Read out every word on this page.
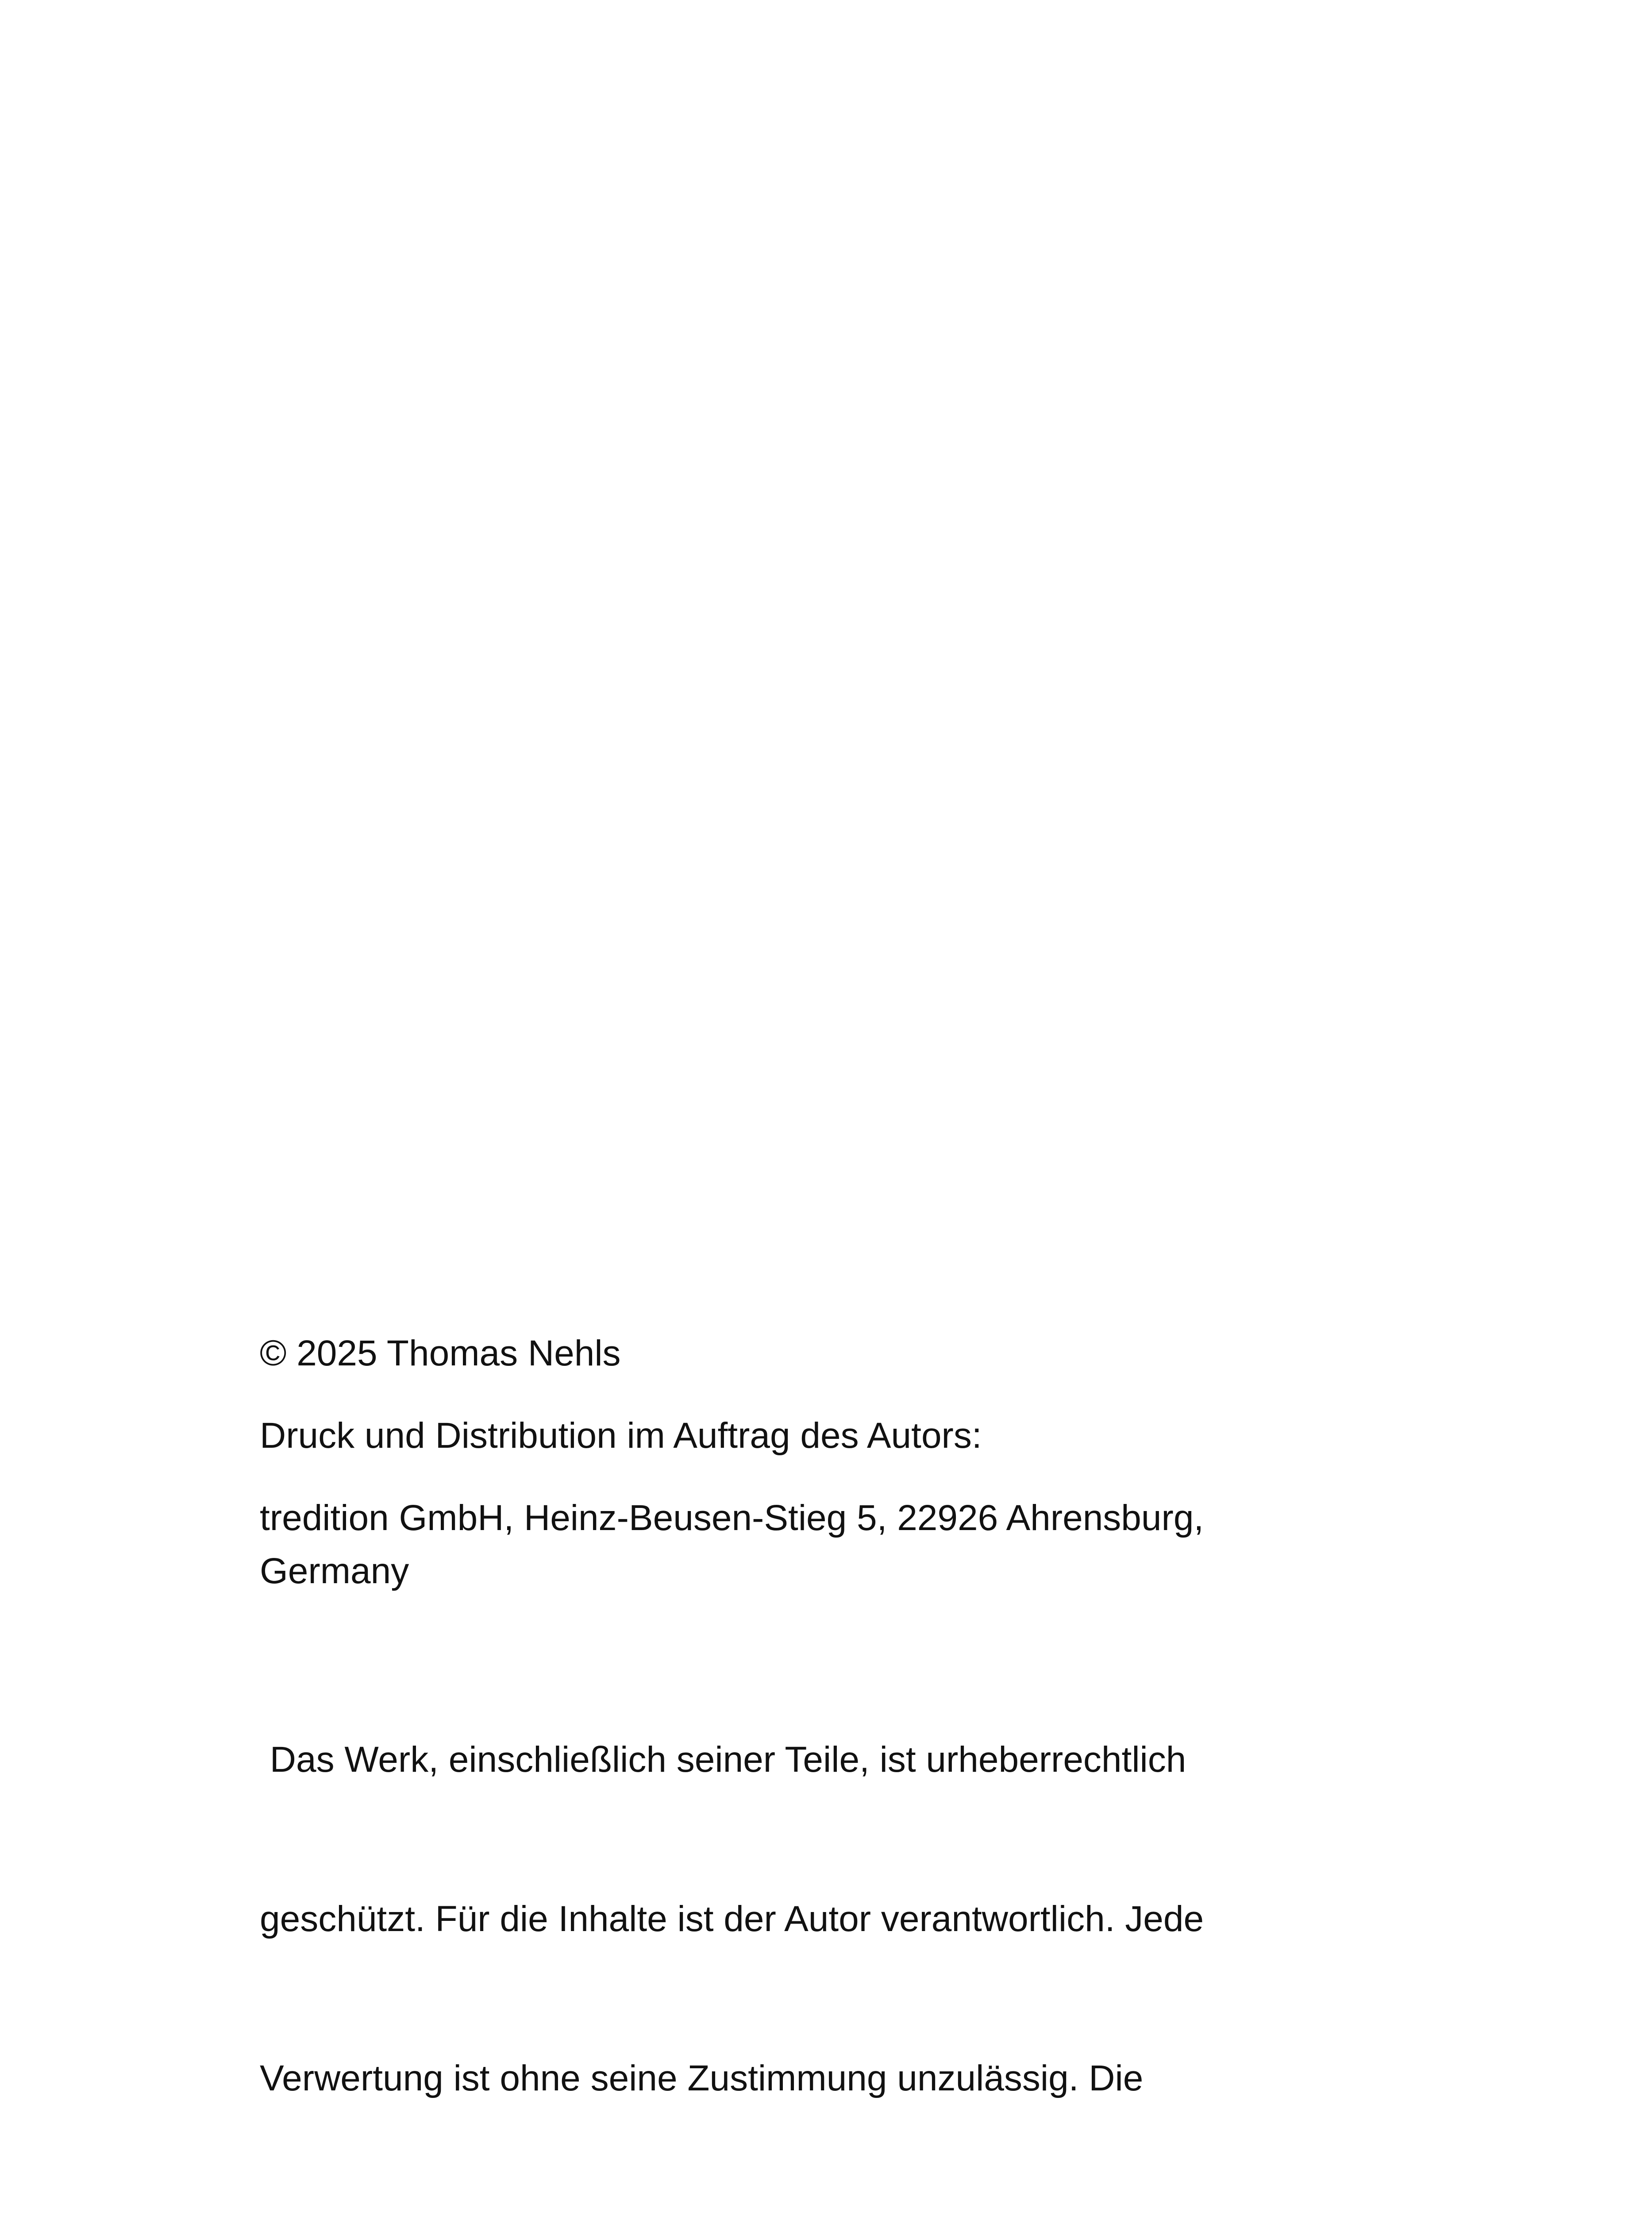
© 2025 Thomas Nehls

Druck und Distribution im Auftrag des Autors:

tredition GmbH, Heinz-Beusen-Stieg 5, 22926 Ahrensburg,
Germany

Das Werk, einschließlich seiner Teile, ist urheberrechtlich

geschützt. Für die Inhalte ist der Autor verantwortlich. Jede

Verwertung ist ohne seine Zustimmung unzulässig. Die
